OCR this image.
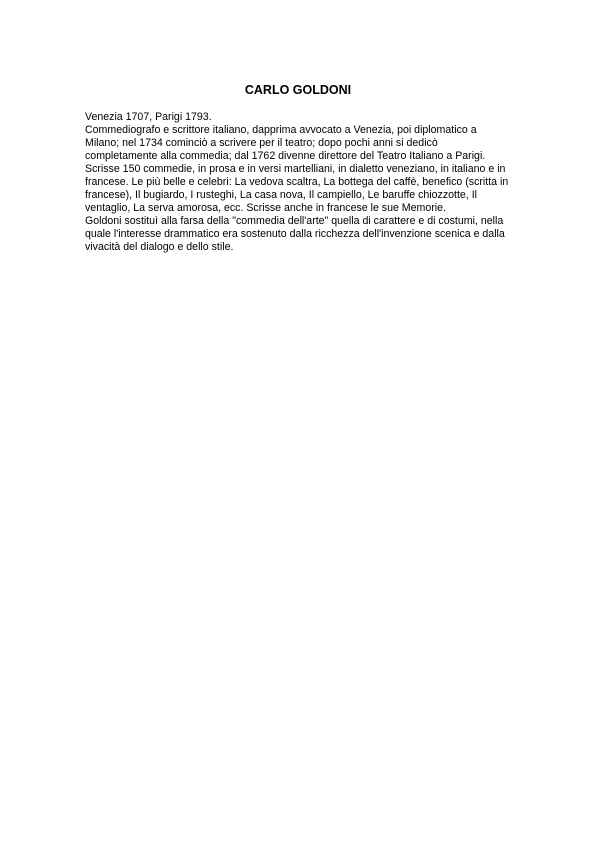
CARLO GOLDONI
Venezia 1707, Parigi 1793.
Commediografo e scrittore italiano, dapprima avvocato a Venezia, poi diplomatico a
Milano; nel 1734 cominciò a scrivere per il teatro; dopo pochi anni si dedicò
completamente alla commedia; dal 1762 divenne direttore del Teatro Italiano a Parigi.
Scrisse 150 commedie, in prosa e in versi martelliani, in dialetto veneziano, in italiano e in
francese. Le più belle e celebri: La vedova scaltra, La bottega del caffè, benefico (scritta in
francese), Il bugiardo, I rusteghi, La casa nova, Il campiello, Le baruffe chiozzotte, Il
ventaglio, La serva amorosa, ecc. Scrisse anche in francese le sue Memorie.
Goldoni sostituì alla farsa della "commedia dell'arte" quella di carattere e di costumi, nella
quale l'interesse drammatico era sostenuto dalla ricchezza dell'invenzione scenica e dalla
vivacità del dialogo e dello stile.
